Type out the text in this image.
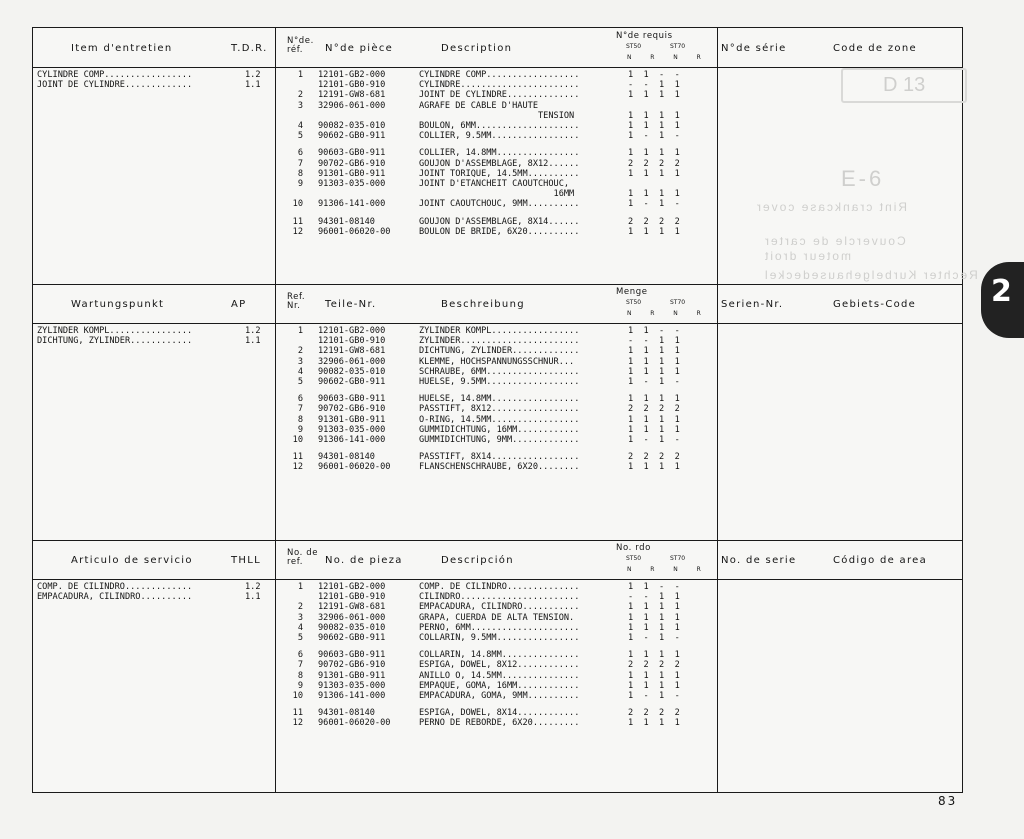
Item d'entretien	T.D.R.
N°de.
réf.	N°de pièce	Description
N°de requis
ST50	ST70
N  R  N  R
N°de série	Code de zone
CYLINDRE COMP.................	1.2
JOINT DE CYLINDRE.............	1.1
1 12101-GB2-000	CYLINDRE COMP..................	1  1  -  -
12101-GB0-910	CYLINDRE.......................	-  -  1  1
2 12191-GW8-681	JOINT DE CYLINDRE..............	1  1  1  1
3 32906-061-000	AGRAFE DE CABLE D'HAUTE
TENSION	1  1  1  1
4 90082-035-010	BOULON, 6MM....................	1  1  1  1
5 90602-GB0-911	COLLIER, 9.5MM.................	1  -  1  -
6 90603-GB0-911	COLLIER, 14.8MM................	1  1  1  1
7 90702-GB6-910	GOUJON D'ASSEMBLAGE, 8X12......	2  2  2  2
8 91301-GB0-911	JOINT TORIQUE, 14.5MM..........	1  1  1  1
9 91303-035-000	JOINT D'ETANCHEIT CAOUTCHOUC,
16MM	1  1  1  1
10 91306-141-000	JOINT CAOUTCHOUC, 9MM..........	1  -  1  -
11 94301-08140	GOUJON D'ASSEMBLAGE, 8X14......	2  2  2  2
12 96001-06020-00	BOULON DE BRIDE, 6X20..........	1  1  1  1
Wartungspunkt	AP
Ref.
Nr.	Teile-Nr.	Beschreibung
Menge
ST50	ST70
N  R  N  R
Serien-Nr.	Gebiets-Code
ZYLINDER KOMPL................	1.2
DICHTUNG, ZYLINDER............	1.1
1 12101-GB2-000	ZYLINDER KOMPL.................	1  1  -  -
12101-GB0-910	ZYLINDER.......................	-  -  1  1
2 12191-GW8-681	DICHTUNG, ZYLINDER.............	1  1  1  1
3 32906-061-000	KLEMME, HOCHSPANNUNGSSCHNUR...	1  1  1  1
4 90082-035-010	SCHRAUBE, 6MM..................	1  1  1  1
5 90602-GB0-911	HUELSE, 9.5MM..................	1  -  1  -
6 90603-GB0-911	HUELSE, 14.8MM.................	1  1  1  1
7 90702-GB6-910	PASSTIFT, 8X12.................	2  2  2  2
8 91301-GB0-911	O-RING, 14.5MM.................	1  1  1  1
9 91303-035-000	GUMMIDICHTUNG, 16MM............	1  1  1  1
10 91306-141-000	GUMMIDICHTUNG, 9MM.............	1  -  1  -
11 94301-08140	PASSTIFT, 8X14.................	2  2  2  2
12 96001-06020-00	FLANSCHENSCHRAUBE, 6X20........	1  1  1  1
Articulo de servicio	THLL
No. de
ref.	No. de pieza	Descripción
No. rdo
ST50	ST70
N  R  N  R
No. de serie	Código de area
COMP. DE CILINDRO.............	1.2
EMPACADURA, CILINDRO..........	1.1
1 12101-GB2-000	COMP. DE CILINDRO..............	1  1  -  -
12101-GB0-910	CILINDRO.......................	-  -  1  1
2 12191-GW8-681	EMPACADURA, CILINDRO...........	1  1  1  1
3 32906-061-000	GRAPA, CUERDA DE ALTA TENSION.	1  1  1  1
4 90082-035-010	PERNO, 6MM.....................	1  1  1  1
5 90602-GB0-911	COLLARIN, 9.5MM................	1  -  1  -
6 90603-GB0-911	COLLARIN, 14.8MM...............	1  1  1  1
7 90702-GB6-910	ESPIGA, DOWEL, 8X12............	2  2  2  2
8 91301-GB0-911	ANILLO O, 14.5MM...............	1  1  1  1
9 91303-035-000	EMPAQUE, GOMA, 16MM............	1  1  1  1
10 91306-141-000	EMPACADURA, GOMA, 9MM..........	1  -  1  -
11 94301-08140	ESPIGA, DOWEL, 8X14............	2  2  2  2
12 96001-06020-00	PERNO DE REBORDE, 6X20.........	1  1  1  1
D 13
E-6
Rint crankcase cover
Couvercle de carter
moteur droit
Rechter Kurbelgehausedeckel 2
83
